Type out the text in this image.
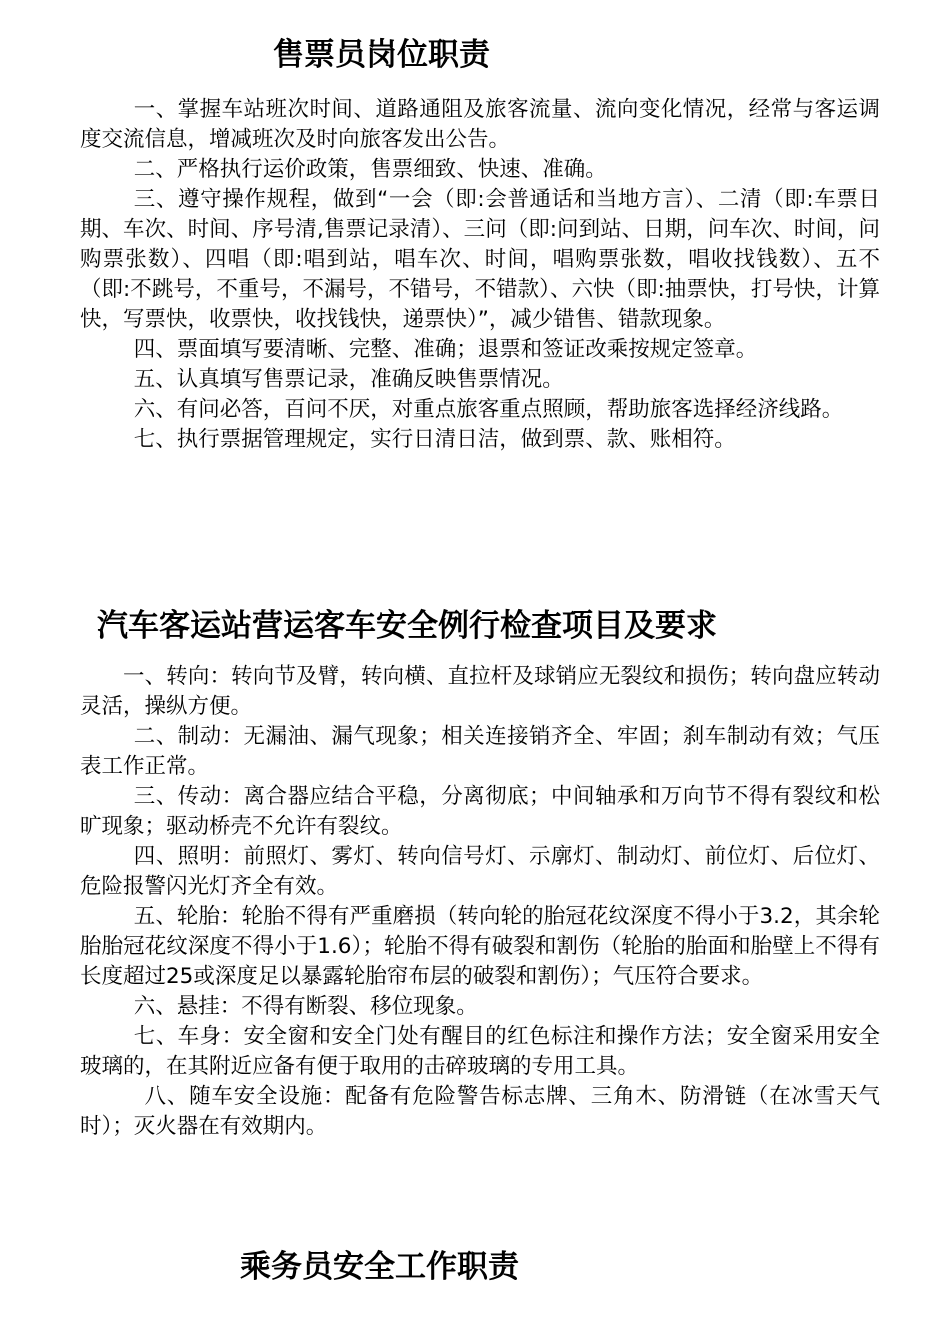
售票员岗位职责

一、掌握车站班次时间、道路通阻及旅客流量、流向变化情况，经常与客运调度交流信息，增减班次及时向旅客发出公告。

二、严格执行运价政策，售票细致、快速、准确。

三、遵守操作规程，做到“一会（即:会普通话和当地方言）、二清（即:车票日期、车次、时间、序号清,售票记录清）、三问（即:问到站、日期，问车次、时间，问购票张数）、四唱（即:唱到站，唱车次、时间，唱购票张数，唱收找钱数）、五不（即:不跳号，不重号，不漏号，不错号，不错款）、六快（即:抽票快，打号快，计算快，写票快，收票快，收找钱快，递票快）”，减少错售、错款现象。

四、票面填写要清晰、完整、准确；退票和签证改乘按规定签章。

五、认真填写售票记录，准确反映售票情况。

六、有问必答，百问不厌，对重点旅客重点照顾，帮助旅客选择经济线路。

七、执行票据管理规定，实行日清日洁，做到票、款、账相符。

汽车客运站营运客车安全例行检查项目及要求

一、转向：转向节及臂，转向横、直拉杆及球销应无裂纹和损伤；转向盘应转动灵活，操纵方便。

二、制动：无漏油、漏气现象；相关连接销齐全、牢固；刹车制动有效；气压表工作正常。

三、传动：离合器应结合平稳，分离彻底；中间轴承和万向节不得有裂纹和松旷现象；驱动桥壳不允许有裂纹。

四、照明：前照灯、雾灯、转向信号灯、示廓灯、制动灯、前位灯、后位灯、危险报警闪光灯齐全有效。

五、轮胎：轮胎不得有严重磨损（转向轮的胎冠花纹深度不得小于3.2，其余轮胎胎冠花纹深度不得小于1.6）；轮胎不得有破裂和割伤（轮胎的胎面和胎壁上不得有长度超过25或深度足以暴露轮胎帘布层的破裂和割伤）；气压符合要求。

六、悬挂：不得有断裂、移位现象。

七、车身：安全窗和安全门处有醒目的红色标注和操作方法；安全窗采用安全玻璃的，在其附近应备有便于取用的击碎玻璃的专用工具。

八、随车安全设施：配备有危险警告标志牌、三角木、防滑链（在冰雪天气时）；灭火器在有效期内。

乘务员安全工作职责
